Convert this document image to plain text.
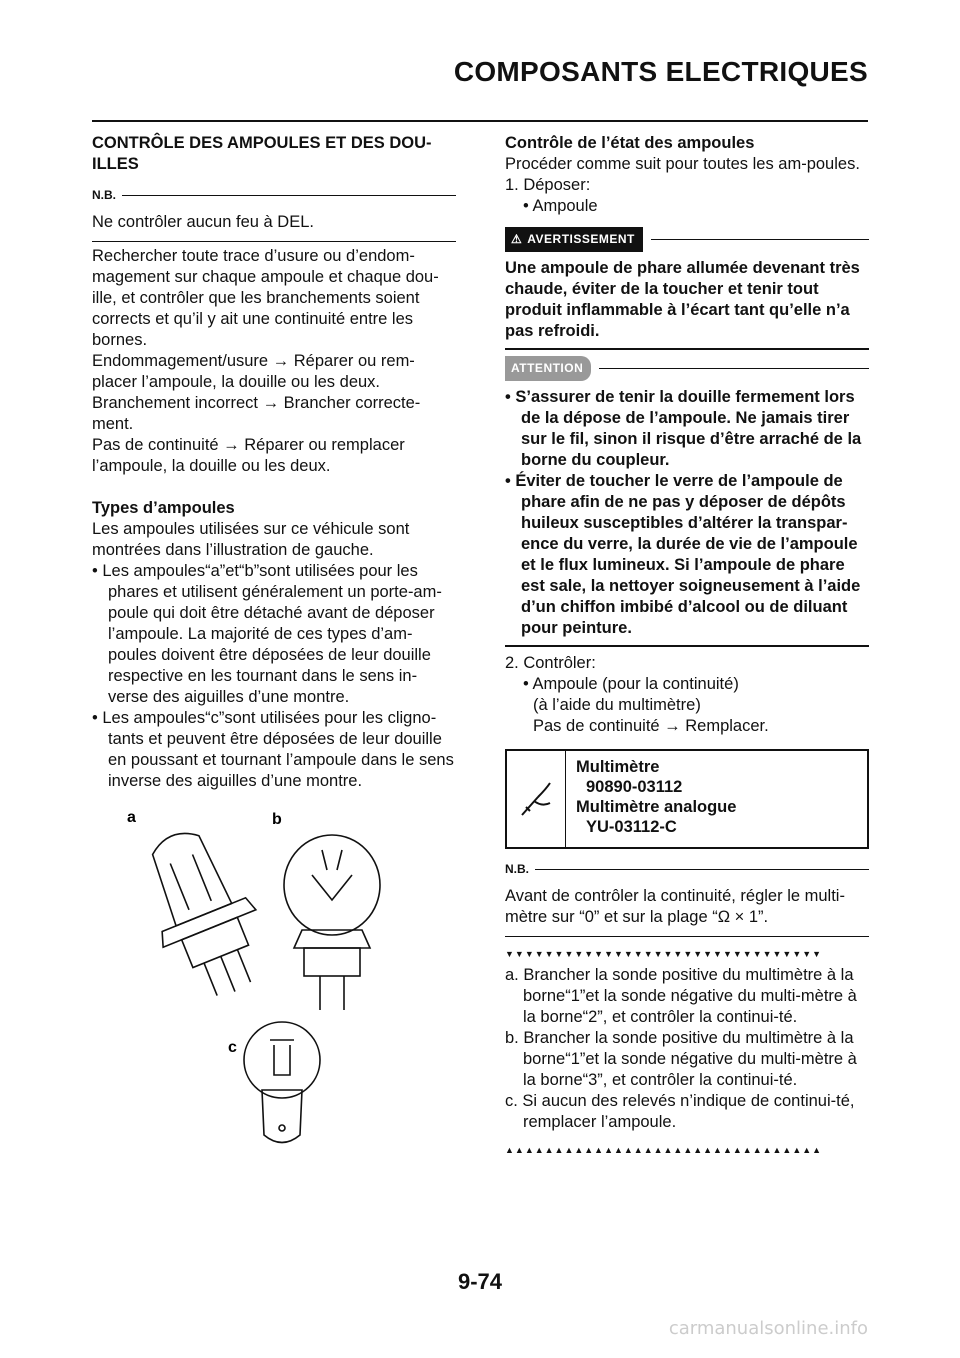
COMPOSANTS ELECTRIQUES

CONTRÔLE DES AMPOULES ET DES DOU-ILLES

N.B.

Ne contrôler aucun feu à DEL.

Rechercher toute trace d’usure ou d’endom-magement sur chaque ampoule et chaque dou-ille, et contrôler que les branchements soient corrects et qu’il y ait une continuité entre les bornes.

Endommagement/usure → Réparer ou rem-placer l’ampoule, la douille ou les deux.

Branchement incorrect → Brancher correcte-ment.

Pas de continuité → Réparer ou remplacer l’ampoule, la douille ou les deux.

Types d’ampoules

Les ampoules utilisées sur ce véhicule sont montrées dans l’illustration de gauche.

• Les ampoules“a”et“b”sont utilisées pour les phares et utilisent généralement un porte-am-poule qui doit être détaché avant de déposer l’ampoule. La majorité de ces types d’am-poules doivent être déposées de leur douille respective en les tournant dans le sens in-verse des aiguilles d’une montre.

• Les ampoules“c”sont utilisées pour les cligno-tants et peuvent être déposées de leur douille en poussant et tournant l’ampoule dans le sens inverse des aiguilles d’une montre.

a	b
c

Contrôle de l’état des ampoules

Procéder comme suit pour toutes les am-poules.

1. Déposer:

• Ampoule

⚠ AVERTISSEMENT

Une ampoule de phare allumée devenant très chaude, éviter de la toucher et tenir tout produit inflammable à l’écart tant qu’elle n’a pas refroidi.

ATTENTION

• S’assurer de tenir la douille fermement lors de la dépose de l’ampoule. Ne jamais tirer sur le fil, sinon il risque d’être arraché de la borne du coupleur.

• Éviter de toucher le verre de l’ampoule de phare afin de ne pas y déposer de dépôts huileux susceptibles d’altérer la transpar-ence du verre, la durée de vie de l’ampoule et le flux lumineux. Si l’ampoule de phare est sale, la nettoyer soigneusement à l’aide d’un chiffon imbibé d’alcool ou de diluant pour peinture.

2. Contrôler:

• Ampoule (pour la continuité)

(à l’aide du multimètre)

Pas de continuité → Remplacer.

Multimètre
90890-03112
Multimètre analogue
YU-03112-C
N.B.

Avant de contrôler la continuité, régler le multi-mètre sur “0” et sur la plage “Ω × 1”.

▼▼▼▼▼▼▼▼▼▼▼▼▼▼▼▼▼▼▼▼▼▼▼▼▼▼▼▼▼▼▼▼

a. Brancher la sonde positive du multimètre à la borne“1”et la sonde négative du multi-mètre à la borne“2”, et contrôler la continui-té.

b. Brancher la sonde positive du multimètre à la borne“1”et la sonde négative du multi-mètre à la borne“3”, et contrôler la continui-té.

c. Si aucun des relevés n’indique de continui-té, remplacer l’ampoule.

▲▲▲▲▲▲▲▲▲▲▲▲▲▲▲▲▲▲▲▲▲▲▲▲▲▲▲▲▲▲▲▲
9-74
carmanualsonline.info
